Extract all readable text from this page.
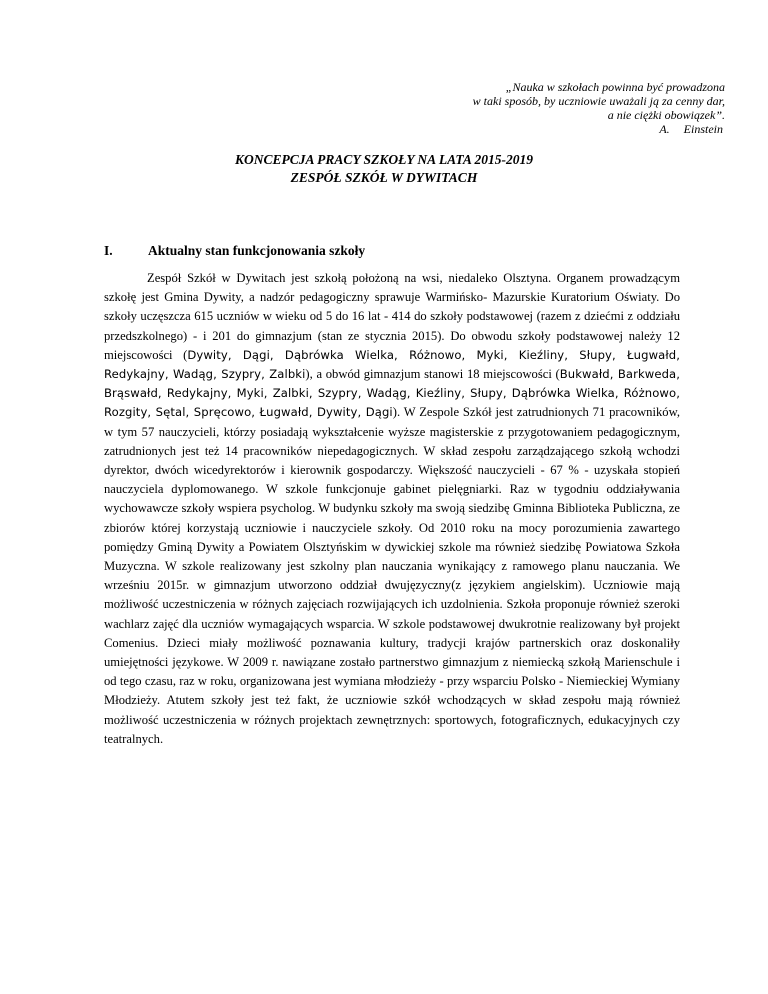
„Nauka w szkołach powinna być prowadzona
w taki sposób, by uczniowie uważali ją za cenny dar,
a nie ciężki obowiązek”.
A. Einstein
KONCEPCJA PRACY SZKOŁY NA LATA 2015-2019
ZESPÓŁ SZKÓŁ W DYWITACH
I.	Aktualny stan funkcjonowania szkoły

Zespół Szkół w Dywitach jest szkołą położoną na wsi, niedaleko Olsztyna. Organem prowadzącym szkołę jest Gmina Dywity, a nadzór pedagogiczny sprawuje Warmińsko- Mazurskie Kuratorium Oświaty. Do szkoły uczęszcza 615 uczniów w wieku od 5 do 16 lat - 414 do szkoły podstawowej (razem z dziećmi z oddziału przedszkolnego) - i 201 do gimnazjum (stan ze stycznia 2015). Do obwodu szkoły podstawowej należy 12 miejscowości (Dywity, Dągi, Dąbrówka Wielka, Różnowo, Myki, Kieźliny, Słupy, Ługwałd, Redykajny, Wadąg, Szypry, Zalbki), a obwód gimnazjum stanowi 18 miejscowości (Bukwałd, Barkweda, Brąswałd, Redykajny, Myki, Zalbki, Szypry, Wadąg, Kieźliny, Słupy, Dąbrówka Wielka, Różnowo, Rozgity, Sętal, Spręcowo, Ługwałd, Dywity, Dągi). W Zespole Szkół jest zatrudnionych 71 pracowników, w tym 57 nauczycieli, którzy posiadają wykształcenie wyższe magisterskie z przygotowaniem pedagogicznym, zatrudnionych jest też 14 pracowników niepedagogicznych. W skład zespołu zarządzającego szkołą wchodzi dyrektor, dwóch wicedyrektorów i kierownik gospodarczy. Większość nauczycieli - 67 % - uzyskała stopień nauczyciela dyplomowanego. W szkole funkcjonuje gabinet pielęgniarki. Raz w tygodniu oddziaływania wychowawcze szkoły wspiera psycholog. W budynku szkoły ma swoją siedzibę Gminna Biblioteka Publiczna, ze zbiorów której korzystają uczniowie i nauczyciele szkoły. Od 2010 roku na mocy porozumienia zawartego pomiędzy Gminą Dywity a Powiatem Olsztyńskim w dywickiej szkole ma również siedzibę Powiatowa Szkoła Muzyczna. W szkole realizowany jest szkolny plan nauczania wynikający z ramowego planu nauczania. We wrześniu 2015r. w gimnazjum utworzono oddział dwujęzyczny(z językiem angielskim). Uczniowie mają możliwość uczestniczenia w różnych zajęciach rozwijających ich uzdolnienia. Szkoła proponuje również szeroki wachlarz zajęć dla uczniów wymagających wsparcia. W szkole podstawowej dwukrotnie realizowany był projekt Comenius. Dzieci miały możliwość poznawania kultury, tradycji krajów partnerskich oraz doskonaliły umiejętności językowe. W 2009 r. nawiązane zostało partnerstwo gimnazjum z niemiecką szkołą Marienschule i od tego czasu, raz w roku, organizowana jest wymiana młodzieży - przy wsparciu Polsko - Niemieckiej Wymiany Młodzieży. Atutem szkoły jest też fakt, że uczniowie szkół wchodzących w skład zespołu mają również możliwość uczestniczenia w różnych projektach zewnętrznych: sportowych, fotograficznych, edukacyjnych czy teatralnych.
